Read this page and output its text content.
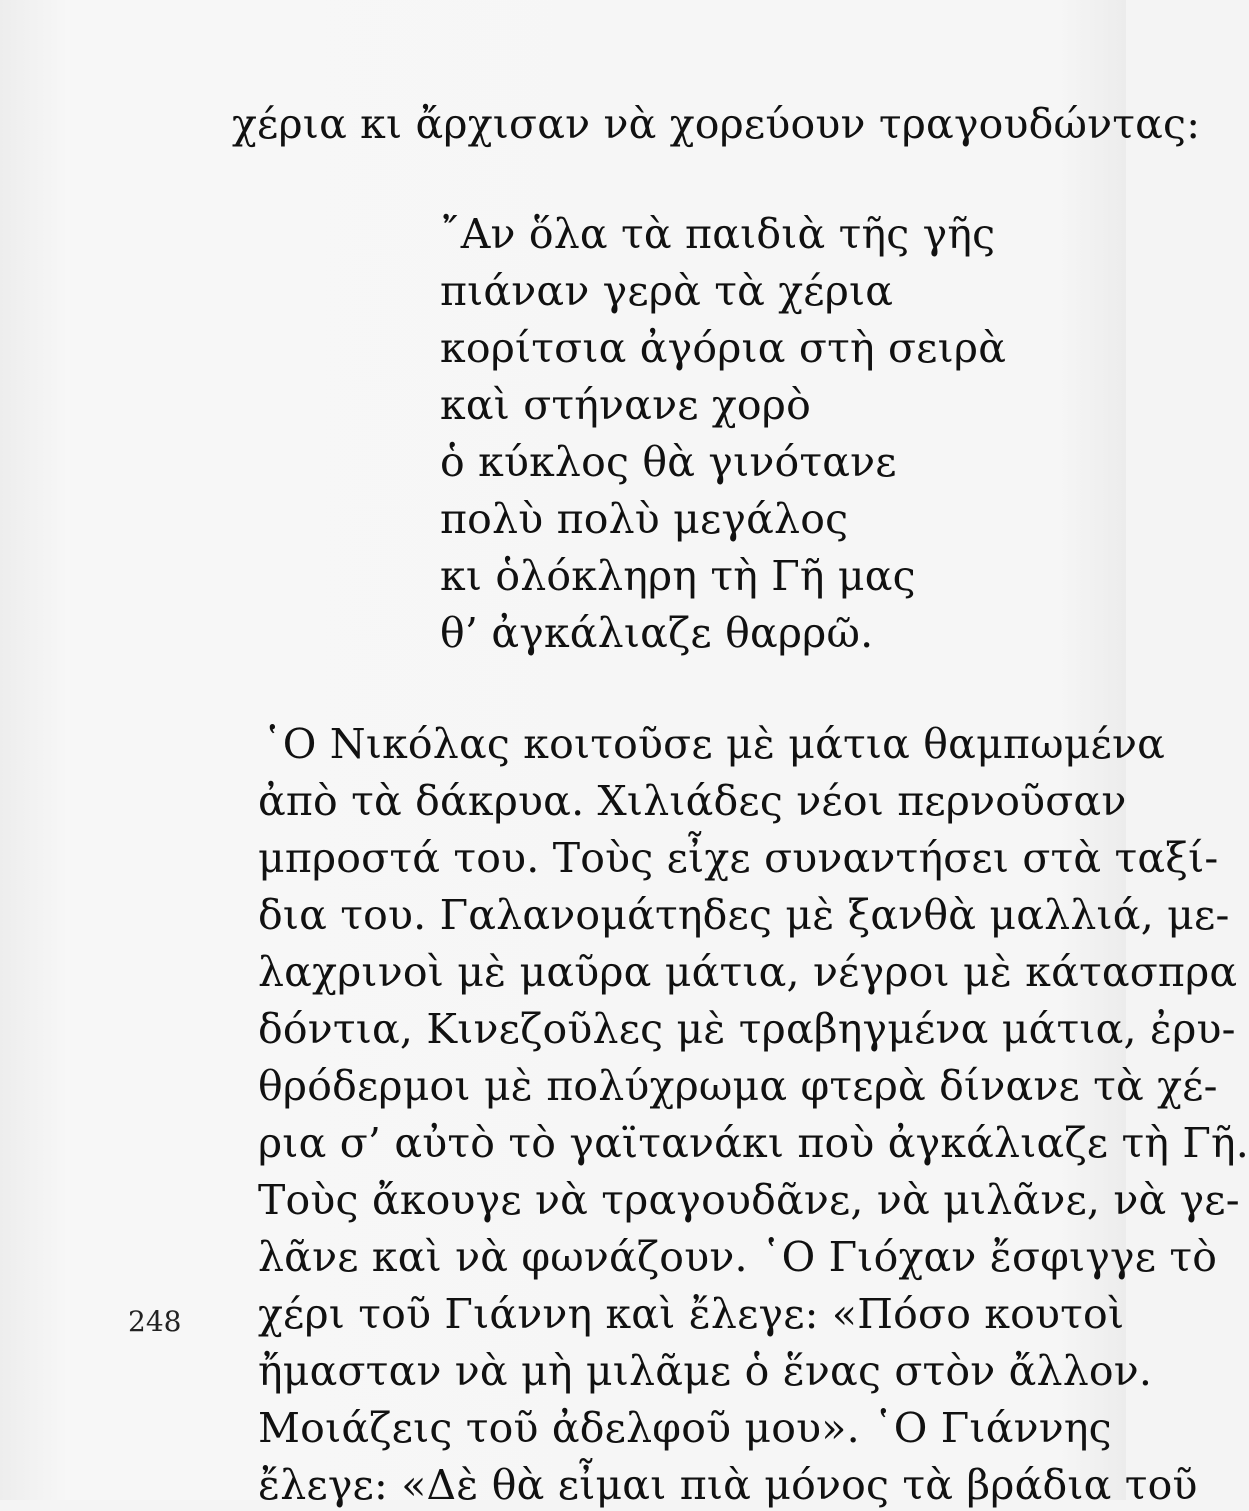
χέρια κι ἄρχισαν νὰ χορεύουν τραγουδώντας:
῎Αν ὅλα τὰ παιδιὰ τῆς γῆς
πιάναν γερὰ τὰ χέρια
κορίτσια ἀγόρια στὴ σειρὰ
καὶ στήνανε χορὸ
ὁ κύκλος θὰ γινότανε
πολὺ πολὺ μεγάλος
κι ὁλόκληρη τὴ Γῆ μας
θ’ ἀγκάλιαζε θαρρῶ.
῾Ο Νικόλας κοιτοῦσε μὲ μάτια θαμπωμένα
ἀπὸ τὰ δάκρυα. Χιλιάδες νέοι περνοῦσαν
μπροστά του. Τοὺς εἶχε συναντήσει στὰ ταξί-
δια του. Γαλανομάτηδες μὲ ξανθὰ μαλλιά, με-
λαχρινοὶ μὲ μαῦρα μάτια, νέγροι μὲ κάτασπρα
δόντια, Κινεζοῦλες μὲ τραβηγμένα μάτια, ἐρυ-
θρόδερμοι μὲ πολύχρωμα φτερὰ δίνανε τὰ χέ-
ρια σ’ αὐτὸ τὸ γαϊτανάκι ποὺ ἀγκάλιαζε τὴ Γῆ.
Τοὺς ἄκουγε νὰ τραγουδᾶνε, νὰ μιλᾶνε, νὰ γε-
λᾶνε καὶ νὰ φωνάζουν. ῾Ο Γιόχαν ἔσφιγγε τὸ
χέρι τοῦ Γιάννη καὶ ἔλεγε: «Πόσο κουτοὶ
ἤμασταν νὰ μὴ μιλᾶμε ὁ ἕνας στὸν ἄλλον.
Μοιάζεις τοῦ ἀδελφοῦ μου». ῾Ο Γιάννης
ἔλεγε: «Δὲ θὰ εἶμαι πιὰ μόνος τὰ βράδια τοῦ
248
